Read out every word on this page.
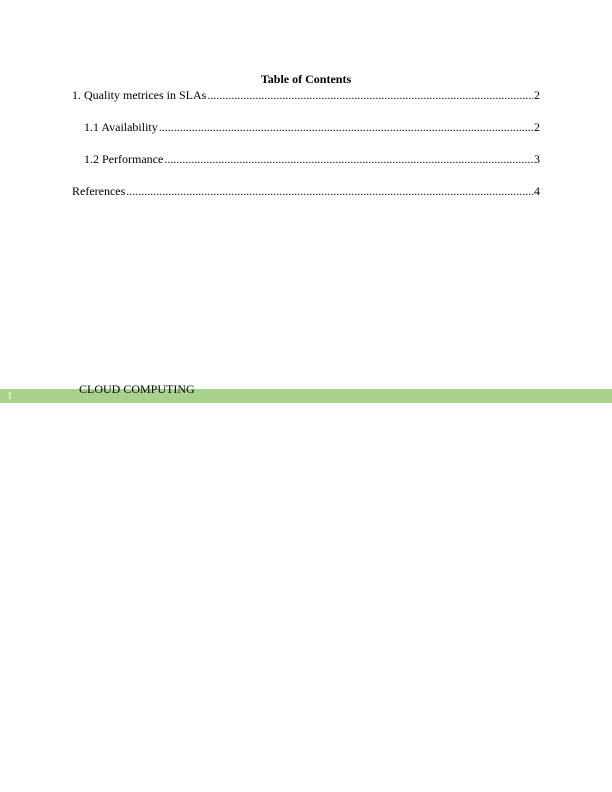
Table of Contents
1. Quality metrices in SLAs .....	2
1.1 Availability .....	2
1.2 Performance .....	3
References .....	4
1	CLOUD COMPUTING
